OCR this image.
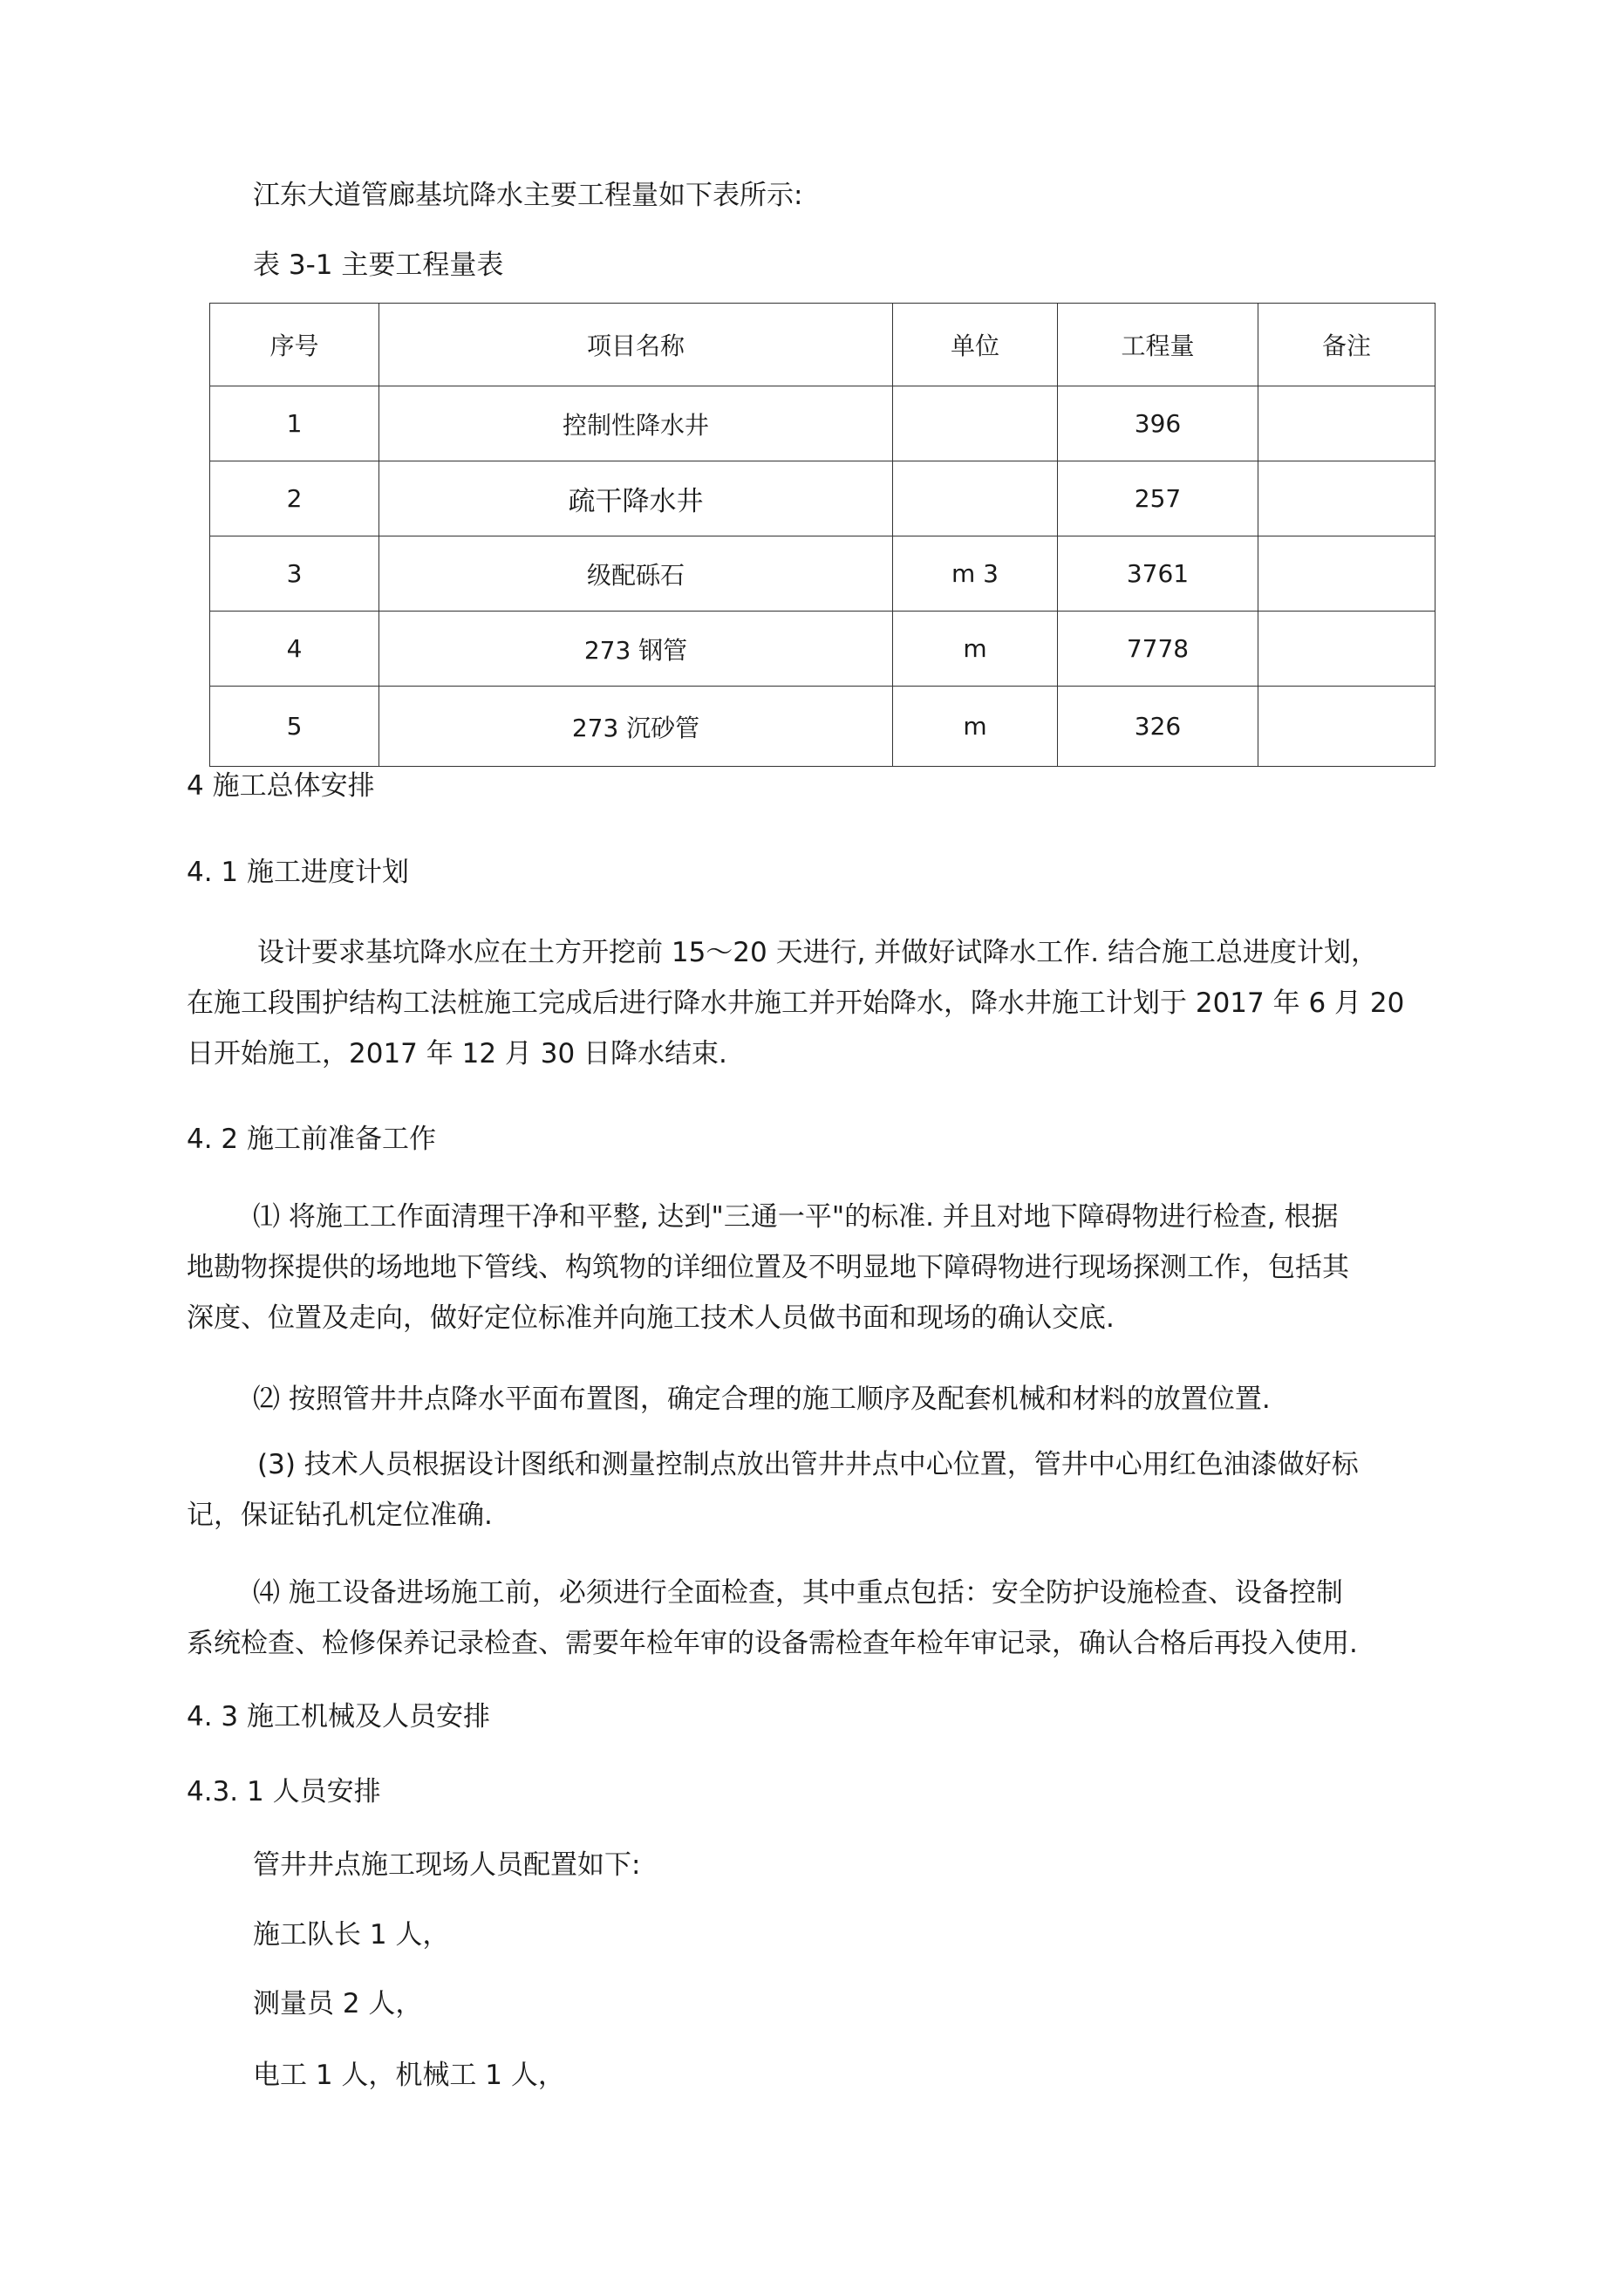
江东大道管廊基坑降水主要工程量如下表所示:
表 3-1 主要工程量表
序号	项目名称	单位	工程量	备注
1	控制性降水井		396	
2	疏干降水井		257	
3	级配砾石	m 3	3761	
4	273 钢管	m	7778	
5	273 沉砂管	m	326	
4 施工总体安排
4. 1 施工进度计划

设计要求基坑降水应在土方开挖前 15〜20 天进行, 并做好试降水工作. 结合施工总进度计划，

在施工段围护结构工法桩施工完成后进行降水井施工并开始降水，降水井施工计划于 2017 年 6 月 20

日开始施工，2017 年 12 月 30 日降水结束.

4. 2 施工前准备工作

⑴ 将施工工作面清理干净和平整, 达到"三通一平"的标准. 并且对地下障碍物进行检查, 根据

地勘物探提供的场地地下管线、构筑物的详细位置及不明显地下障碍物进行现场探测工作，包括其

深度、位置及走向，做好定位标准并向施工技术人员做书面和现场的确认交底.

⑵ 按照管井井点降水平面布置图，确定合理的施工顺序及配套机械和材料的放置位置.

(3) 技术人员根据设计图纸和测量控制点放出管井井点中心位置，管井中心用红色油漆做好标

记，保证钻孔机定位准确.

⑷ 施工设备进场施工前，必须进行全面检查，其中重点包括：安全防护设施检查、设备控制

系统检查、检修保养记录检查、需要年检年审的设备需检查年检年审记录，确认合格后再投入使用.

4. 3 施工机械及人员安排
4.3. 1 人员安排
管井井点施工现场人员配置如下:
施工队长 1 人，
测量员 2 人，
电工 1 人，机械工 1 人，
